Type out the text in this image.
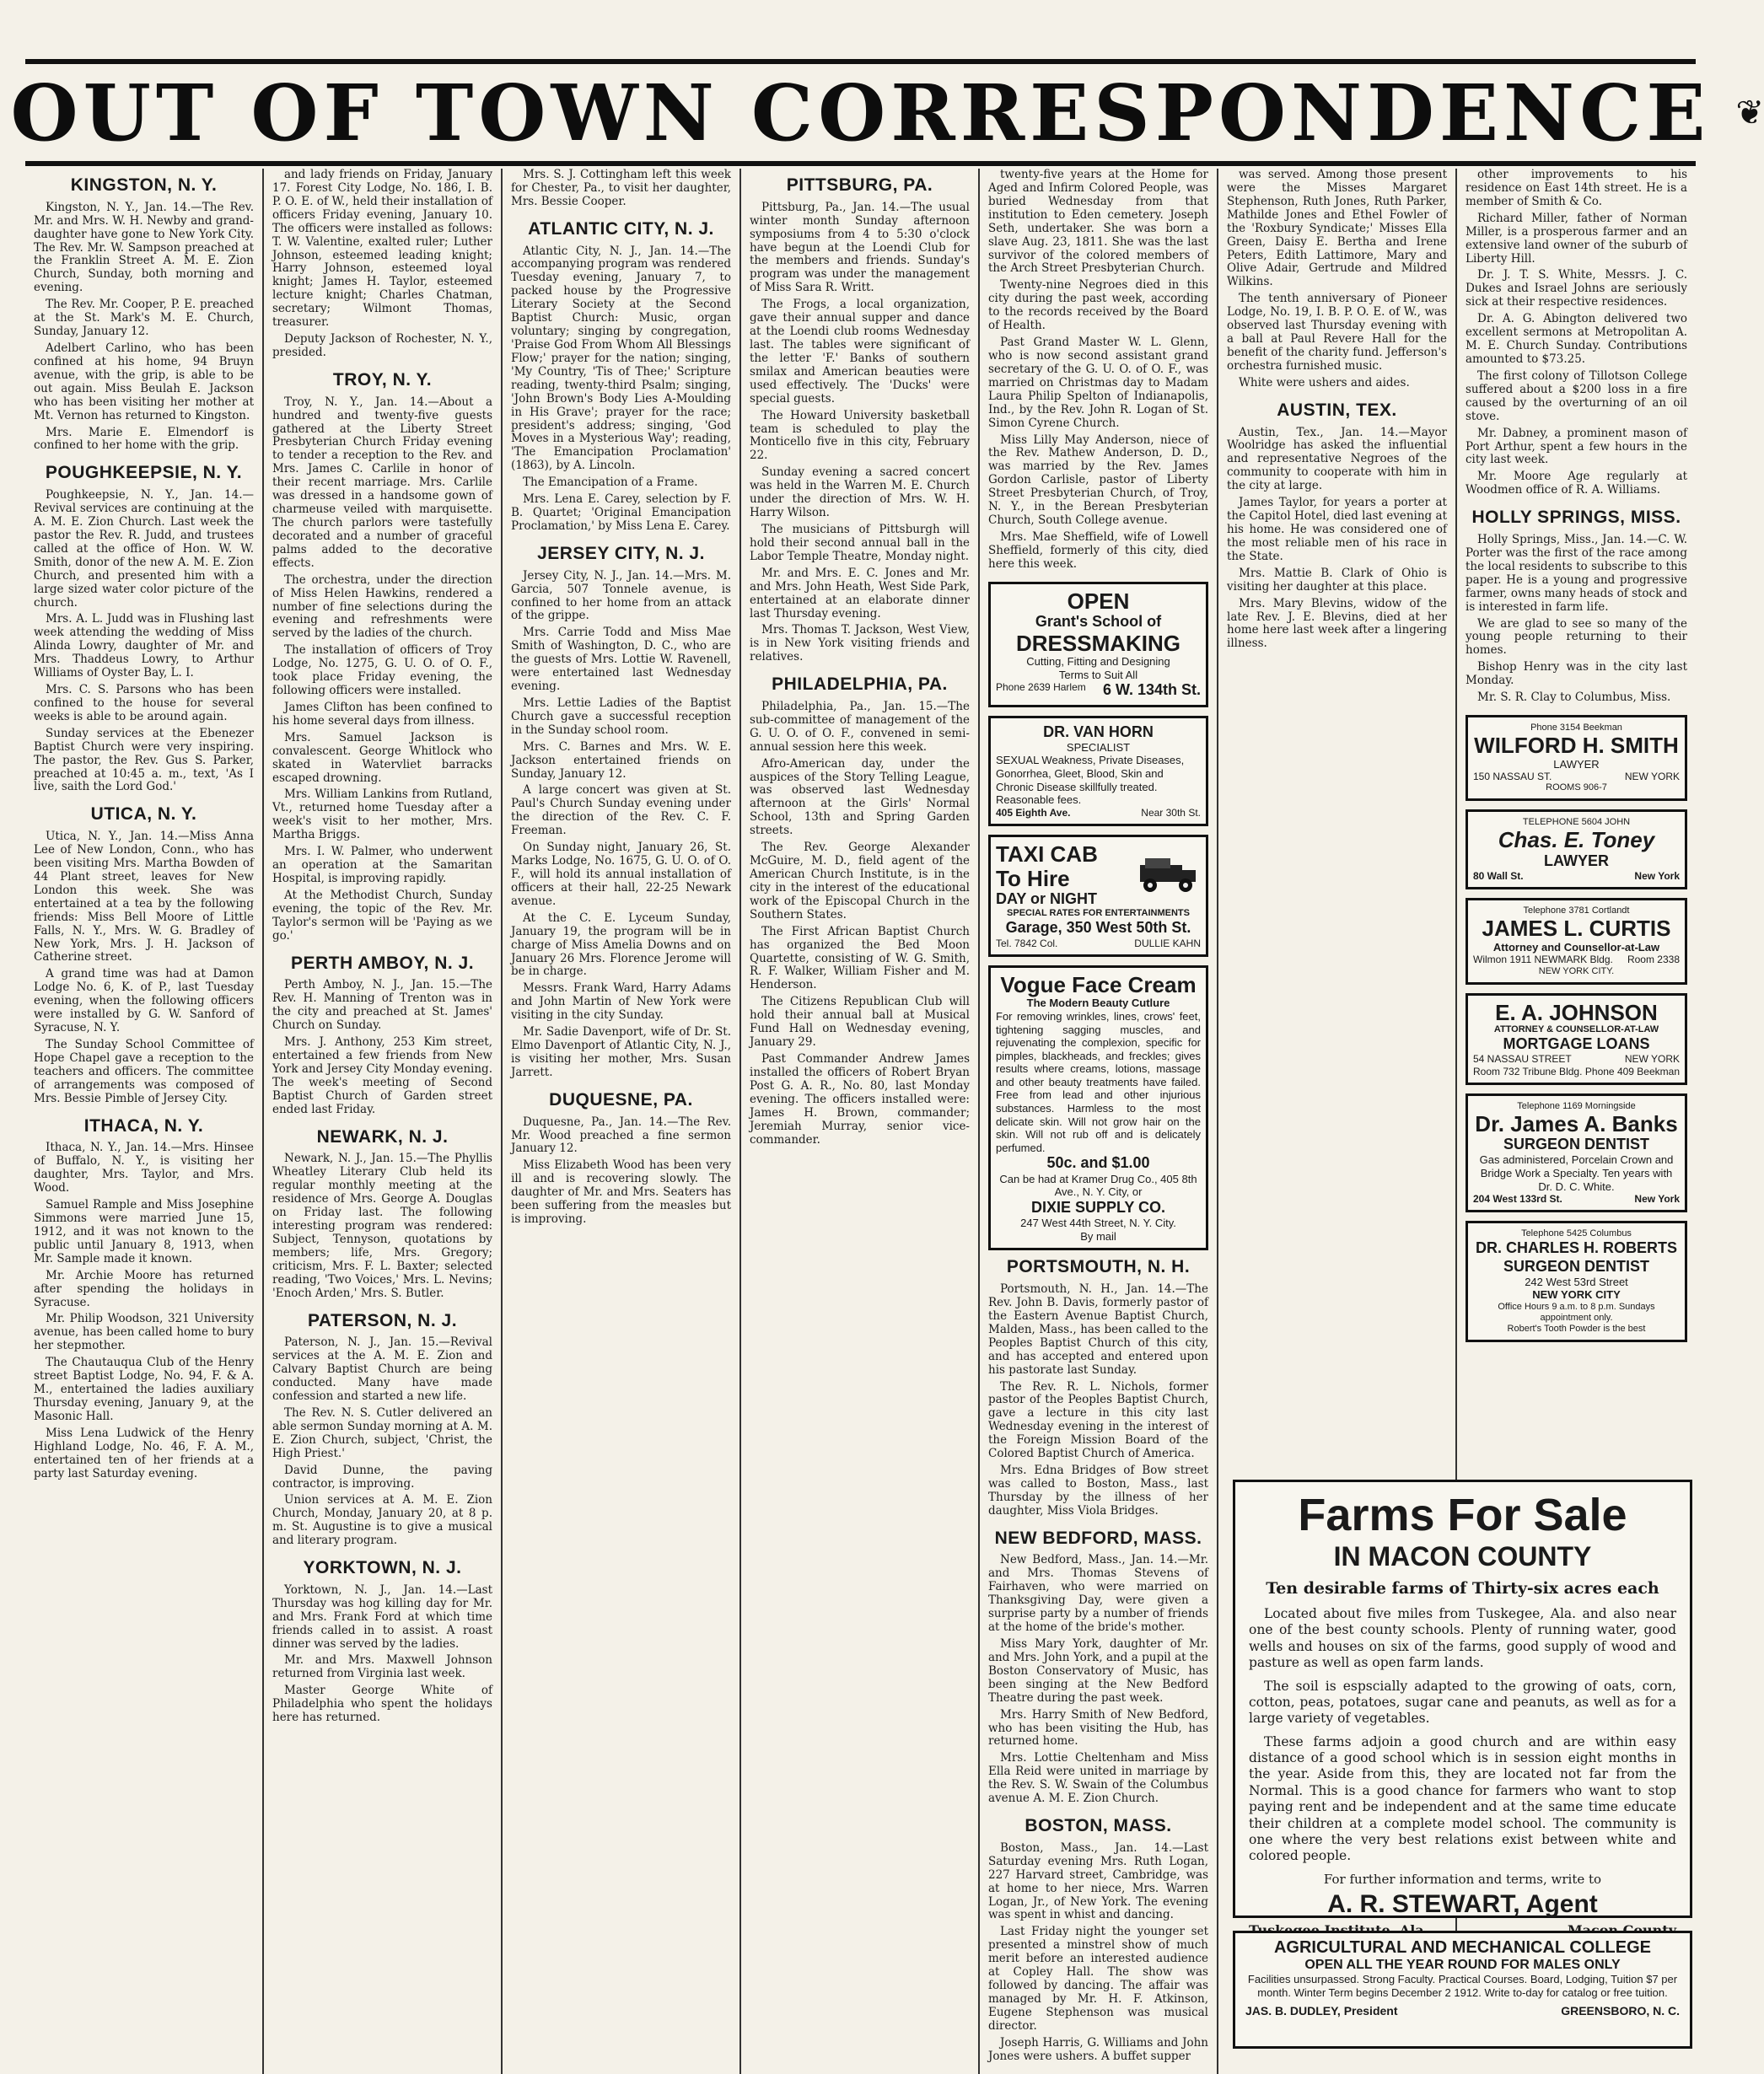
OUT OF TOWN CORRESPONDENCE ❦
KINGSTON, N. Y.

Kingston, N. Y., Jan. 14.—The Rev. Mr. and Mrs. W. H. Newby and grand-daughter have gone to New York City. The Rev. Mr. W. Sampson preached at the Franklin Street A. M. E. Zion Church, Sunday, both morning and evening.

The Rev. Mr. Cooper, P. E. preached at the St. Mark's M. E. Church, Sunday, January 12.

Adelbert Carlino, who has been confined at his home, 94 Bruyn avenue, with the grip, is able to be out again. Miss Beulah E. Jackson who has been visiting her mother at Mt. Vernon has returned to Kingston.

Mrs. Marie E. Elmendorf is confined to her home with the grip.

POUGHKEEPSIE, N. Y.

Poughkeepsie, N. Y., Jan. 14.—Revival services are continuing at the A. M. E. Zion Church. Last week the pastor the Rev. R. Judd, and trustees called at the office of Hon. W. W. Smith, donor of the new A. M. E. Zion Church, and presented him with a large sized water color picture of the church.

Mrs. A. L. Judd was in Flushing last week attending the wedding of Miss Alinda Lowry, daughter of Mr. and Mrs. Thaddeus Lowry, to Arthur Williams of Oyster Bay, L. I.

Mrs. C. S. Parsons who has been confined to the house for several weeks is able to be around again.

Sunday services at the Ebenezer Baptist Church were very inspiring. The pastor, the Rev. Gus S. Parker, preached at 10:45 a. m., text, 'As I live, saith the Lord God.'

UTICA, N. Y.

Utica, N. Y., Jan. 14.—Miss Anna Lee of New London, Conn., who has been visiting Mrs. Martha Bowden of 44 Plant street, leaves for New London this week. She was entertained at a tea by the following friends: Miss Bell Moore of Little Falls, N. Y., Mrs. W. G. Bradley of New York, Mrs. J. H. Jackson of Catherine street.

A grand time was had at Damon Lodge No. 6, K. of P., last Tuesday evening, when the following officers were installed by G. W. Sanford of Syracuse, N. Y.

The Sunday School Committee of Hope Chapel gave a reception to the teachers and officers. The committee of arrangements was composed of Mrs. Bessie Pimble of Jersey City.

ITHACA, N. Y.

Ithaca, N. Y., Jan. 14.—Mrs. Hinsee of Buffalo, N. Y., is visiting her daughter, Mrs. Taylor, and Mrs. Wood.

Samuel Rample and Miss Josephine Simmons were married June 15, 1912, and it was not known to the public until January 8, 1913, when Mr. Sample made it known.

Mr. Archie Moore has returned after spending the holidays in Syracuse.

Mr. Philip Woodson, 321 University avenue, has been called home to bury her stepmother.

The Chautauqua Club of the Henry street Baptist Lodge, No. 94, F. & A. M., entertained the ladies auxiliary Thursday evening, January 9, at the Masonic Hall.

Miss Lena Ludwick of the Henry Highland Lodge, No. 46, F. A. M., entertained ten of her friends at a party last Saturday evening.

and lady friends on Friday, January 17. Forest City Lodge, No. 186, I. B. P. O. E. of W., held their installation of officers Friday evening, January 10. The officers were installed as follows: T. W. Valentine, exalted ruler; Luther Johnson, esteemed leading knight; Harry Johnson, esteemed loyal knight; James H. Taylor, esteemed lecture knight; Charles Chatman, secretary; Wilmont Thomas, treasurer.

Deputy Jackson of Rochester, N. Y., presided.

TROY, N. Y.

Troy, N. Y., Jan. 14.—About a hundred and twenty-five guests gathered at the Liberty Street Presbyterian Church Friday evening to tender a reception to the Rev. and Mrs. James C. Carlile in honor of their recent marriage. Mrs. Carlile was dressed in a handsome gown of charmeuse veiled with marquisette. The church parlors were tastefully decorated and a number of graceful palms added to the decorative effects.

The orchestra, under the direction of Miss Helen Hawkins, rendered a number of fine selections during the evening and refreshments were served by the ladies of the church.

The installation of officers of Troy Lodge, No. 1275, G. U. O. of O. F., took place Friday evening, the following officers were installed.

James Clifton has been confined to his home several days from illness.

Mrs. Samuel Jackson is convalescent. George Whitlock who skated in Watervliet barracks escaped drowning.

Mrs. William Lankins from Rutland, Vt., returned home Tuesday after a week's visit to her mother, Mrs. Martha Briggs.

Mrs. I. W. Palmer, who underwent an operation at the Samaritan Hospital, is improving rapidly.

At the Methodist Church, Sunday evening, the topic of the Rev. Mr. Taylor's sermon will be 'Paying as we go.'

PERTH AMBOY, N. J.

Perth Amboy, N. J., Jan. 15.—The Rev. H. Manning of Trenton was in the city and preached at St. James' Church on Sunday.

Mrs. J. Anthony, 253 Kim street, entertained a few friends from New York and Jersey City Monday evening. The week's meeting of Second Baptist Church of Garden street ended last Friday.

NEWARK, N. J.

Newark, N. J., Jan. 15.—The Phyllis Wheatley Literary Club held its regular monthly meeting at the residence of Mrs. George A. Douglas on Friday last. The following interesting program was rendered: Subject, Tennyson, quotations by members; life, Mrs. Gregory; criticism, Mrs. F. L. Baxter; selected reading, 'Two Voices,' Mrs. L. Nevins; 'Enoch Arden,' Mrs. S. Butler.

PATERSON, N. J.

Paterson, N. J., Jan. 15.—Revival services at the A. M. E. Zion and Calvary Baptist Church are being conducted. Many have made confession and started a new life.

The Rev. N. S. Cutler delivered an able sermon Sunday morning at A. M. E. Zion Church, subject, 'Christ, the High Priest.'

David Dunne, the paving contractor, is improving.

Union services at A. M. E. Zion Church, Monday, January 20, at 8 p. m. St. Augustine is to give a musical and literary program.

YORKTOWN, N. J.

Yorktown, N. J., Jan. 14.—Last Thursday was hog killing day for Mr. and Mrs. Frank Ford at which time friends called in to assist. A roast dinner was served by the ladies.

Mr. and Mrs. Maxwell Johnson returned from Virginia last week.

Master George White of Philadelphia who spent the holidays here has returned.

Mrs. S. J. Cottingham left this week for Chester, Pa., to visit her daughter, Mrs. Bessie Cooper.

ATLANTIC CITY, N. J.

Atlantic City, N. J., Jan. 14.—The accompanying program was rendered Tuesday evening, January 7, to packed house by the Progressive Literary Society at the Second Baptist Church: Music, organ voluntary; singing by congregation, 'Praise God From Whom All Blessings Flow;' prayer for the nation; singing, 'My Country, 'Tis of Thee;' Scripture reading, twenty-third Psalm; singing, 'John Brown's Body Lies A-Moulding in His Grave'; prayer for the race; president's address; singing, 'God Moves in a Mysterious Way'; reading, 'The Emancipation Proclamation' (1863), by A. Lincoln.

The Emancipation of a Frame.

Mrs. Lena E. Carey, selection by F. B. Quartet; 'Original Emancipation Proclamation,' by Miss Lena E. Carey.

JERSEY CITY, N. J.

Jersey City, N. J., Jan. 14.—Mrs. M. Garcia, 507 Tonnele avenue, is confined to her home from an attack of the grippe.

Mrs. Carrie Todd and Miss Mae Smith of Washington, D. C., who are the guests of Mrs. Lottie W. Ravenell, were entertained last Wednesday evening.

Mrs. Lettie Ladies of the Baptist Church gave a successful reception in the Sunday school room.

Mrs. C. Barnes and Mrs. W. E. Jackson entertained friends on Sunday, January 12.

A large concert was given at St. Paul's Church Sunday evening under the direction of the Rev. C. F. Freeman.

On Sunday night, January 26, St. Marks Lodge, No. 1675, G. U. O. of O. F., will hold its annual installation of officers at their hall, 22-25 Newark avenue.

At the C. E. Lyceum Sunday, January 19, the program will be in charge of Miss Amelia Downs and on January 26 Mrs. Florence Jerome will be in charge.

Messrs. Frank Ward, Harry Adams and John Martin of New York were visiting in the city Sunday.

Mr. Sadie Davenport, wife of Dr. St. Elmo Davenport of Atlantic City, N. J., is visiting her mother, Mrs. Susan Jarrett.

DUQUESNE, PA.

Duquesne, Pa., Jan. 14.—The Rev. Mr. Wood preached a fine sermon January 12.

Miss Elizabeth Wood has been very ill and is recovering slowly. The daughter of Mr. and Mrs. Seaters has been suffering from the measles but is improving.

PITTSBURG, PA.

Pittsburg, Pa., Jan. 14.—The usual winter month Sunday afternoon symposiums from 4 to 5:30 o'clock have begun at the Loendi Club for the members and friends. Sunday's program was under the management of Miss Sara R. Writt.

The Frogs, a local organization, gave their annual supper and dance at the Loendi club rooms Wednesday last. The tables were significant of the letter 'F.' Banks of southern smilax and American beauties were used effectively. The 'Ducks' were special guests.

The Howard University basketball team is scheduled to play the Monticello five in this city, February 22.

Sunday evening a sacred concert was held in the Warren M. E. Church under the direction of Mrs. W. H. Harry Wilson.

The musicians of Pittsburgh will hold their second annual ball in the Labor Temple Theatre, Monday night.

Mr. and Mrs. E. C. Jones and Mr. and Mrs. John Heath, West Side Park, entertained at an elaborate dinner last Thursday evening.

Mrs. Thomas T. Jackson, West View, is in New York visiting friends and relatives.

PHILADELPHIA, PA.

Philadelphia, Pa., Jan. 15.—The sub-committee of management of the G. U. O. of O. F., convened in semi-annual session here this week.

Afro-American day, under the auspices of the Story Telling League, was observed last Wednesday afternoon at the Girls' Normal School, 13th and Spring Garden streets.

The Rev. George Alexander McGuire, M. D., field agent of the American Church Institute, is in the city in the interest of the educational work of the Episcopal Church in the Southern States.

The First African Baptist Church has organized the Bed Moon Quartette, consisting of W. G. Smith, R. F. Walker, William Fisher and M. Henderson.

The Citizens Republican Club will hold their annual ball at Musical Fund Hall on Wednesday evening, January 29.

Past Commander Andrew James installed the officers of Robert Bryan Post G. A. R., No. 80, last Monday evening. The officers installed were: James H. Brown, commander; Jeremiah Murray, senior vice-commander.

twenty-five years at the Home for Aged and Infirm Colored People, was buried Wednesday from that institution to Eden cemetery. Joseph Seth, undertaker. She was born a slave Aug. 23, 1811. She was the last survivor of the colored members of the Arch Street Presbyterian Church.

Twenty-nine Negroes died in this city during the past week, according to the records received by the Board of Health.

Past Grand Master W. L. Glenn, who is now second assistant grand secretary of the G. U. O. of O. F., was married on Christmas day to Madam Laura Philip Spelton of Indianapolis, Ind., by the Rev. John R. Logan of St. Simon Cyrene Church.

Miss Lilly May Anderson, niece of the Rev. Mathew Anderson, D. D., was married by the Rev. James Gordon Carlisle, pastor of Liberty Street Presbyterian Church, of Troy, N. Y., in the Berean Presbyterian Church, South College avenue.

Mrs. Mae Sheffield, wife of Lowell Sheffield, formerly of this city, died here this week.

OPEN
Grant's School of
DRESSMAKING
Cutting, Fitting and Designing
Terms to Suit All
Phone 2639 Harlem 6 W. 134th St.
DR. VAN HORN
SPECIALIST
SEXUAL Weakness, Private Diseases, Gonorrhea, Gleet, Blood, Skin and Chronic Disease skillfully treated. Reasonable fees.
405 Eighth Ave.	Near 30th St.
TAXI CAB
To Hire
DAY or NIGHT
SPECIAL RATES FOR ENTERTAINMENTS
Garage, 350 West 50th St.
Tel. 7842 Col.	DULLIE KAHN
Vogue Face Cream
The Modern Beauty Cutlure
For removing wrinkles, lines, crows' feet, tightening sagging muscles, and rejuvenating the complexion, specific for pimples, blackheads, and freckles; gives results where creams, lotions, massage and other beauty treatments have failed. Free from lead and other injurious substances. Harmless to the most delicate skin. Will not grow hair on the skin. Will not rub off and is delicately perfumed.
50c. and $1.00
Can be had at Kramer Drug Co., 405 8th Ave., N. Y. City, or
DIXIE SUPPLY CO.
247 West 44th Street, N. Y. City.
By mail
PORTSMOUTH, N. H.

Portsmouth, N. H., Jan. 14.—The Rev. John B. Davis, formerly pastor of the Eastern Avenue Baptist Church, Malden, Mass., has been called to the Peoples Baptist Church of this city, and has accepted and entered upon his pastorate last Sunday.

The Rev. R. L. Nichols, former pastor of the Peoples Baptist Church, gave a lecture in this city last Wednesday evening in the interest of the Foreign Mission Board of the Colored Baptist Church of America.

Mrs. Edna Bridges of Bow street was called to Boston, Mass., last Thursday by the illness of her daughter, Miss Viola Bridges.

NEW BEDFORD, MASS.

New Bedford, Mass., Jan. 14.—Mr. and Mrs. Thomas Stevens of Fairhaven, who were married on Thanksgiving Day, were given a surprise party by a number of friends at the home of the bride's mother.

Miss Mary York, daughter of Mr. and Mrs. John York, and a pupil at the Boston Conservatory of Music, has been singing at the New Bedford Theatre during the past week.

Mrs. Harry Smith of New Bedford, who has been visiting the Hub, has returned home.

Mrs. Lottie Cheltenham and Miss Ella Reid were united in marriage by the Rev. S. W. Swain of the Columbus avenue A. M. E. Zion Church.

BOSTON, MASS.

Boston, Mass., Jan. 14.—Last Saturday evening Mrs. Ruth Logan, 227 Harvard street, Cambridge, was at home to her niece, Mrs. Warren Logan, Jr., of New York. The evening was spent in whist and dancing.

Last Friday night the younger set presented a minstrel show of much merit before an interested audience at Copley Hall. The show was followed by dancing. The affair was managed by Mr. H. F. Atkinson, Eugene Stephenson was musical director.

Joseph Harris, G. Williams and John Jones were ushers. A buffet supper

was served. Among those present were the Misses Margaret Stephenson, Ruth Jones, Ruth Parker, Mathilde Jones and Ethel Fowler of the 'Roxbury Syndicate;' Misses Ella Green, Daisy E. Bertha and Irene Peters, Edith Lattimore, Mary and Olive Adair, Gertrude and Mildred Wilkins.

The tenth anniversary of Pioneer Lodge, No. 19, I. B. P. O. E. of W., was observed last Thursday evening with a ball at Paul Revere Hall for the benefit of the charity fund. Jefferson's orchestra furnished music.

White were ushers and aides.

AUSTIN, TEX.

Austin, Tex., Jan. 14.—Mayor Woolridge has asked the influential and representative Negroes of the community to cooperate with him in the city at large.

James Taylor, for years a porter at the Capitol Hotel, died last evening at his home. He was considered one of the most reliable men of his race in the State.

Mrs. Mattie B. Clark of Ohio is visiting her daughter at this place.

Mrs. Mary Blevins, widow of the late Rev. J. E. Blevins, died at her home here last week after a lingering illness.

other improvements to his residence on East 14th street. He is a member of Smith & Co.

Richard Miller, father of Norman Miller, is a prosperous farmer and an extensive land owner of the suburb of Liberty Hill.

Dr. J. T. S. White, Messrs. J. C. Dukes and Israel Johns are seriously sick at their respective residences.

Dr. A. G. Abington delivered two excellent sermons at Metropolitan A. M. E. Church Sunday. Contributions amounted to $73.25.

The first colony of Tillotson College suffered about a $200 loss in a fire caused by the overturning of an oil stove.

Mr. Dabney, a prominent mason of Port Arthur, spent a few hours in the city last week.

Mr. Moore Age regularly at Woodmen office of R. A. Williams.

HOLLY SPRINGS, MISS.

Holly Springs, Miss., Jan. 14.—C. W. Porter was the first of the race among the local residents to subscribe to this paper. He is a young and progressive farmer, owns many heads of stock and is interested in farm life.

We are glad to see so many of the young people returning to their homes.

Bishop Henry was in the city last Monday.

Mr. S. R. Clay to Columbus, Miss.

Phone 3154 Beekman
WILFORD H. SMITH
LAWYER
150 NASSAU ST.	NEW YORK
ROOMS 906-7
TELEPHONE 5604 JOHN
Chas. E. Toney
LAWYER
80 Wall St.	New York
Telephone 3781 Cortlandt
JAMES L. CURTIS
Attorney and Counsellor-at-Law
Wilmon 1911 NEWMARK Bldg. Room 2338
NEW YORK CITY.
E. A. JOHNSON
ATTORNEY & COUNSELLOR-AT-LAW
MORTGAGE LOANS
54 NASSAU STREET	NEW YORK
Room 732 Tribune Bldg. Phone 409 Beekman
Telephone 1169 Morningside
Dr. James A. Banks
SURGEON DENTIST
Gas administered, Porcelain Crown and Bridge Work a Specialty. Ten years with Dr. D. C. White.
204 West 133rd St.	New York
Telephone 5425 Columbus
DR. CHARLES H. ROBERTS
SURGEON DENTIST
242 West 53rd Street
NEW YORK CITY
Office Hours 9 a.m. to 8 p.m. Sundays appointment only.
Robert's Tooth Powder is the best
Farms For Sale
IN MACON COUNTY
Ten desirable farms of Thirty-six acres each

Located about five miles from Tuskegee, Ala. and also near one of the best county schools. Plenty of running water, good wells and houses on six of the farms, good supply of wood and pasture as well as open farm lands.

The soil is espscially adapted to the growing of oats, corn, cotton, peas, potatoes, sugar cane and peanuts, as well as for a large variety of vegetables.

These farms adjoin a good church and are within easy distance of a good school which is in session eight months in the year. Aside from this, they are located not far from the Normal. This is a good chance for farmers who want to stop paying rent and be independent and at the same time educate their children at a complete model school. The community is one where the very best relations exist between white and colored people.

For further information and terms, write to
A. R. STEWART, Agent
AGRICULTURAL AND MECHANICAL COLLEGE
OPEN ALL THE YEAR ROUND FOR MALES ONLY
Facilities unsurpassed. Strong Faculty. Practical Courses. Board, Lodging, Tuition $7 per month. Winter Term begins December 2 1912. Write to-day for catalog or free tuition.
JAS. B. DUDLEY, President	GREENSBORO, N. C.
